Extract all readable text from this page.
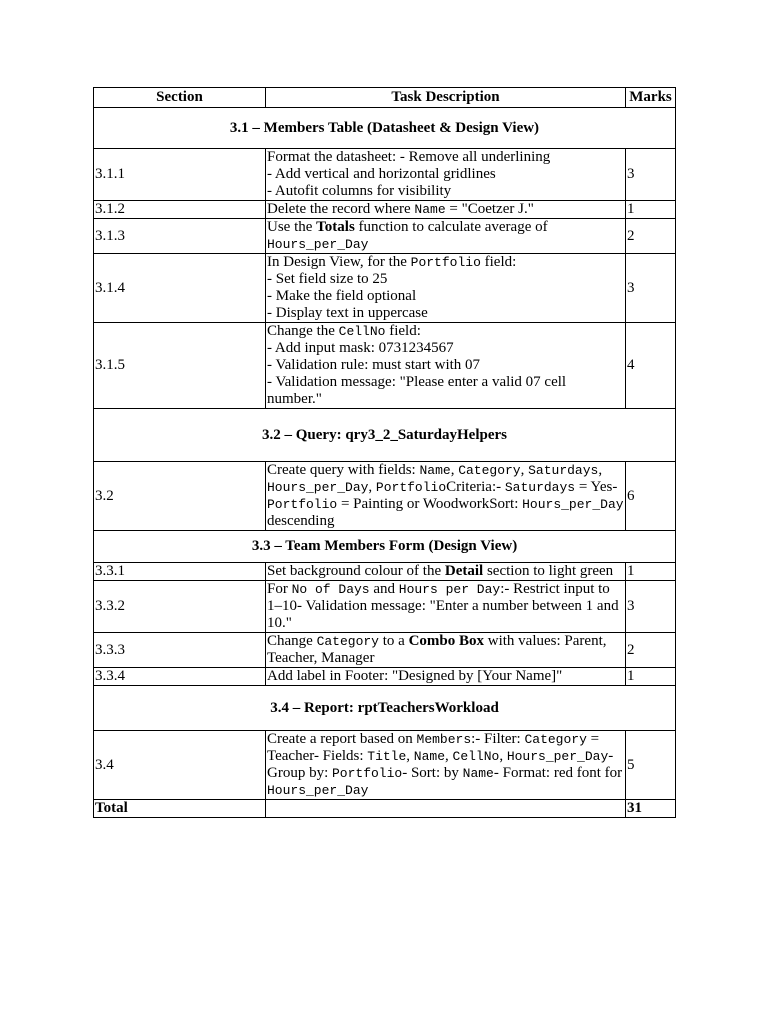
Section	Task Description	Marks
3.1 – Members Table (Datasheet & Design View)		
3.1.1	Format the datasheet: - Remove all underlining
- Add vertical and horizontal gridlines
- Autofit columns for visibility	3
3.1.2	Delete the record where Name = "Coetzer J."	1
3.1.3	Use the Totals function to calculate average of
Hours_per_Day	2
3.1.4	In Design View, for the Portfolio field:
- Set field size to 25
- Make the field optional
- Display text in uppercase	3
3.1.5	Change the CellNo field:
- Add input mask: 0731234567
- Validation rule: must start with 07
- Validation message: "Please enter a valid 07 cell number."	4
3.2 – Query: qry3_2_SaturdayHelpers		
3.2	Create query with fields: Name, Category, Saturdays, Hours_per_Day, PortfolioCriteria:- Saturdays = Yes- Portfolio = Painting or WoodworkSort: Hours_per_Day descending	6
3.3 – Team Members Form (Design View)		
3.3.1	Set background colour of the Detail section to light green	1
3.3.2	For No of Days and Hours per Day:- Restrict input to 1–10- Validation message: "Enter a number between 1 and 10."	3
3.3.3	Change Category to a Combo Box with values: Parent, Teacher, Manager	2
3.3.4	Add label in Footer: "Designed by [Your Name]"	1
3.4 – Report: rptTeachersWorkload		
3.4	Create a report based on Members:- Filter: Category = Teacher- Fields: Title, Name, CellNo, Hours_per_Day- Group by: Portfolio- Sort: by Name- Format: red font for Hours_per_Day	5
Total		31
